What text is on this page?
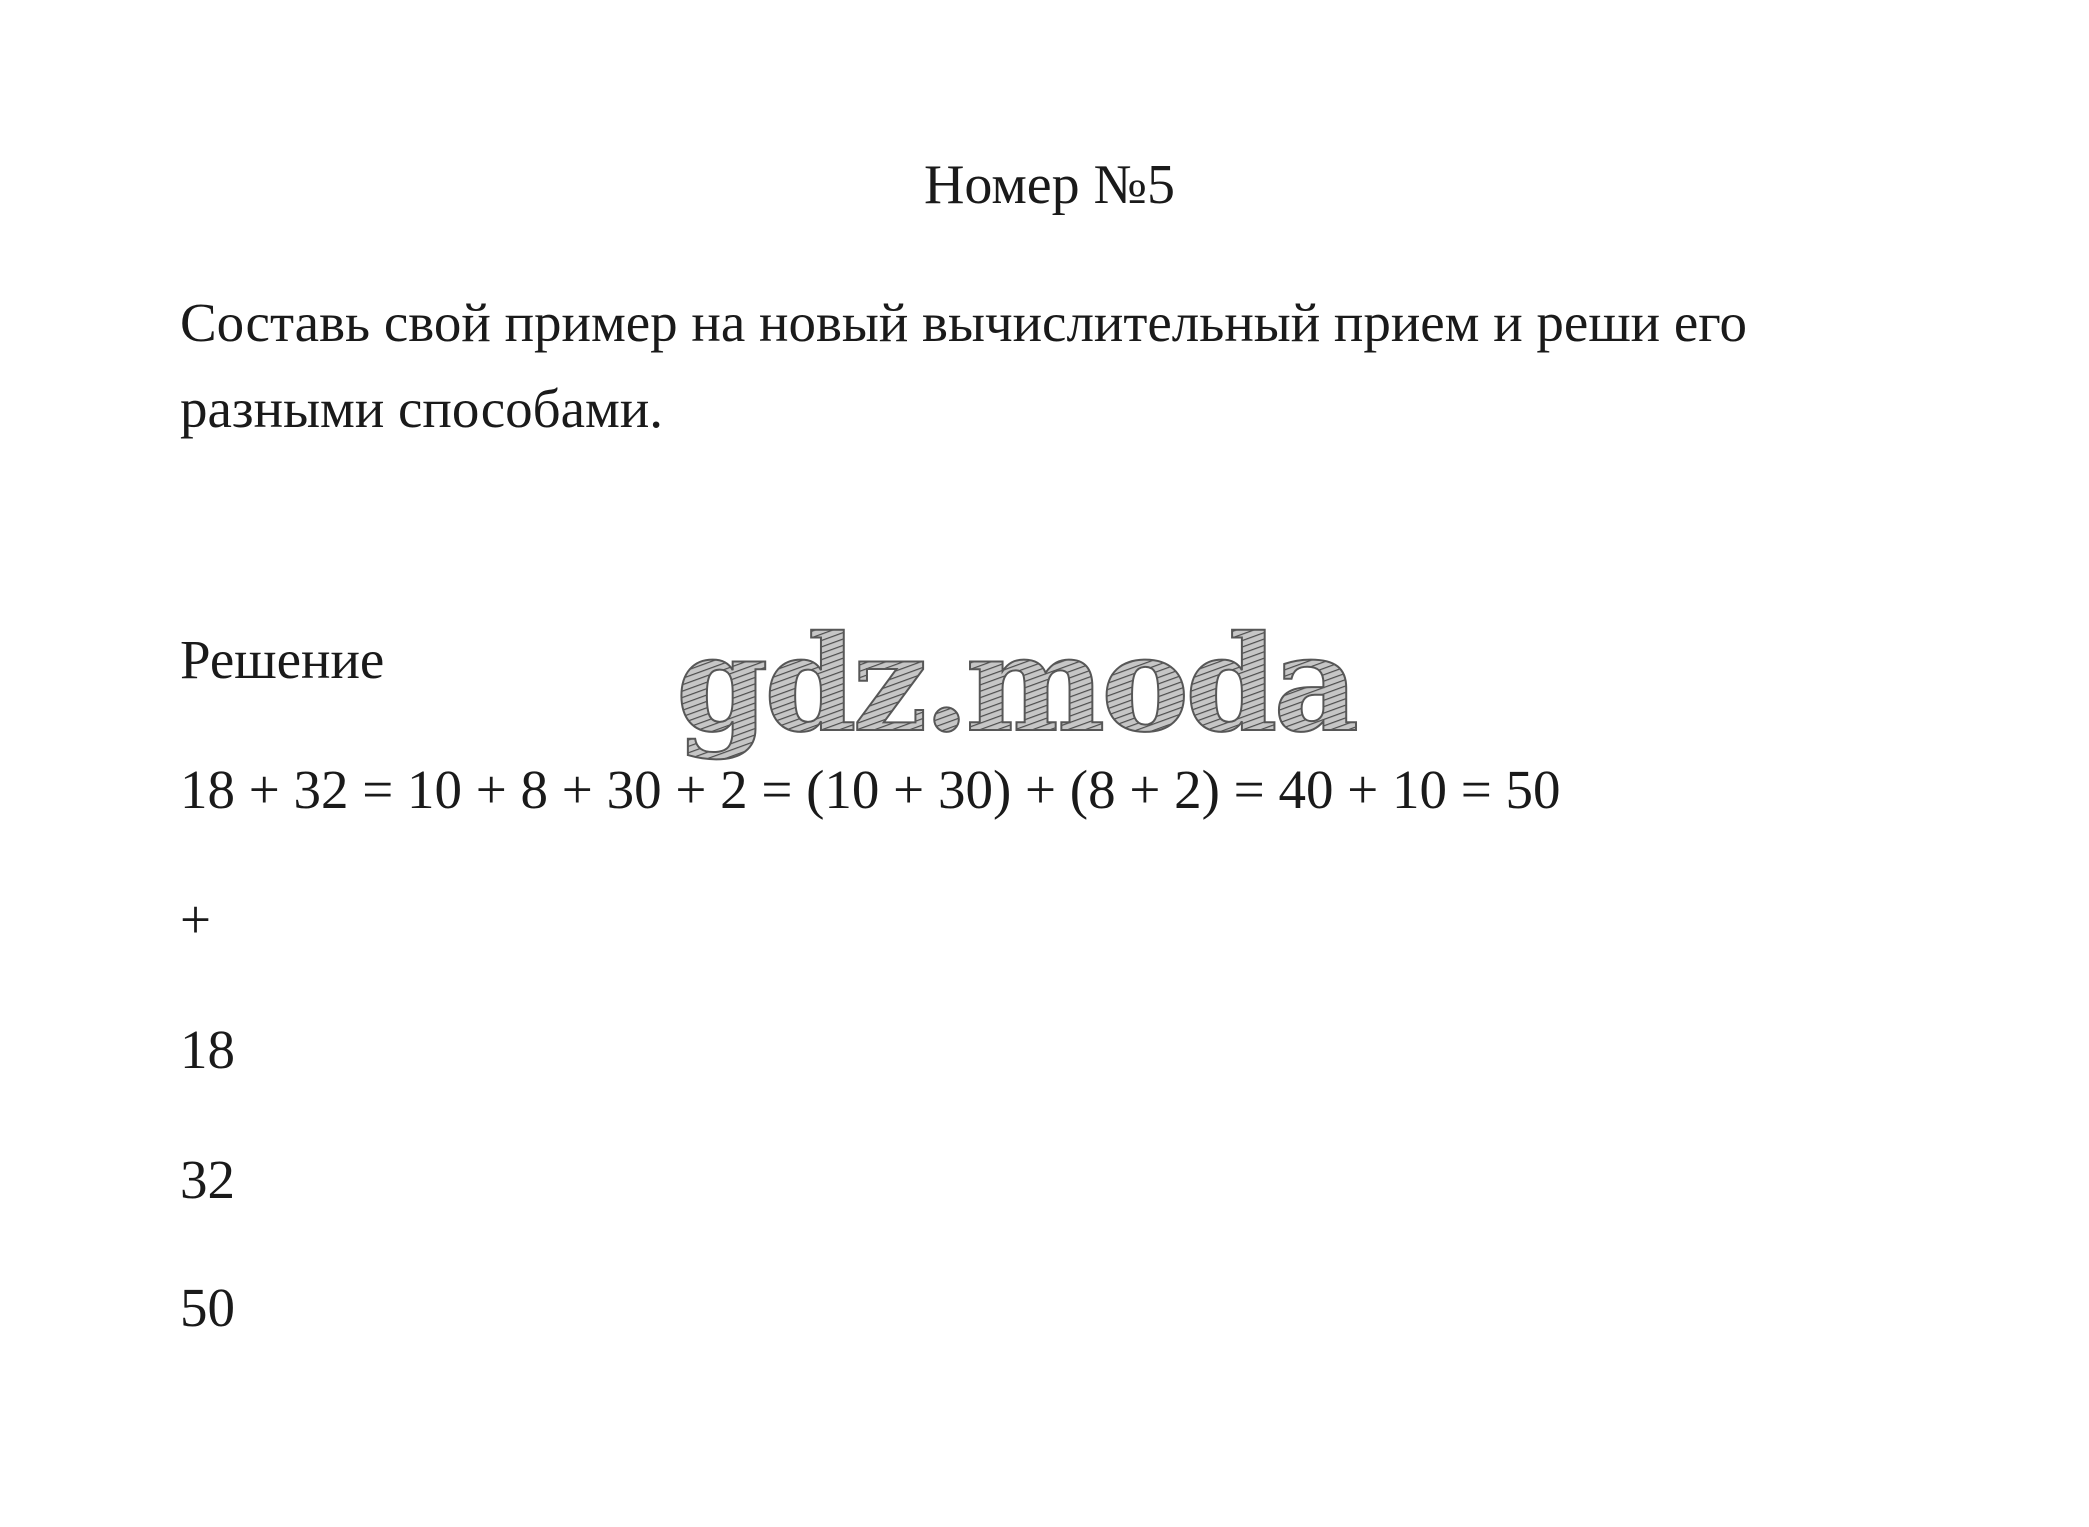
Номер №5
Составь свой пример на новый вычислительный прием и реши его разными способами.
Решение
18 + 32 = 10 + 8 + 30 + 2 = (10 + 30) + (8 + 2) = 40 + 10 = 50
+
18
32
50
gdz.moda
